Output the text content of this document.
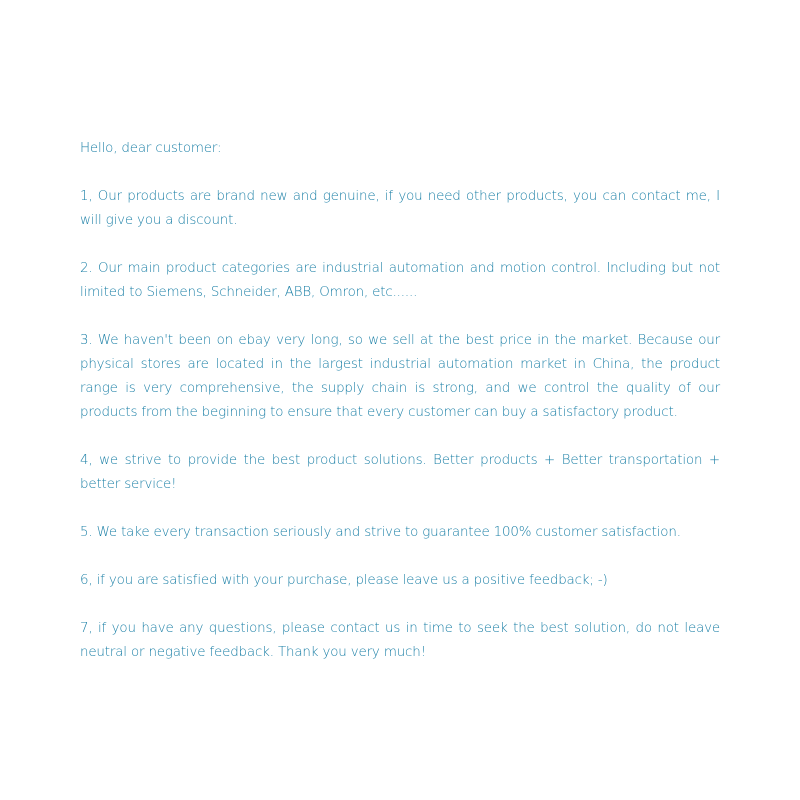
Hello, dear customer:

1, Our products are brand new and genuine, if you need other products, you can contact me, I will give you a discount.

2. Our main product categories are industrial automation and motion control. Including but not limited to Siemens, Schneider, ABB, Omron, etc......

3. We haven't been on ebay very long, so we sell at the best price in the market. Because our physical stores are located in the largest industrial automation market in China, the product range is very comprehensive, the supply chain is strong, and we control the quality of our products from the beginning to ensure that every customer can buy a satisfactory product.

4, we strive to provide the best product solutions. Better products + Better transportation + better service!

5. We take every transaction seriously and strive to guarantee 100% customer satisfaction.

6, if you are satisfied with your purchase, please leave us a positive feedback; -)

7, if you have any questions, please contact us in time to seek the best solution, do not leave neutral or negative feedback. Thank you very much!
